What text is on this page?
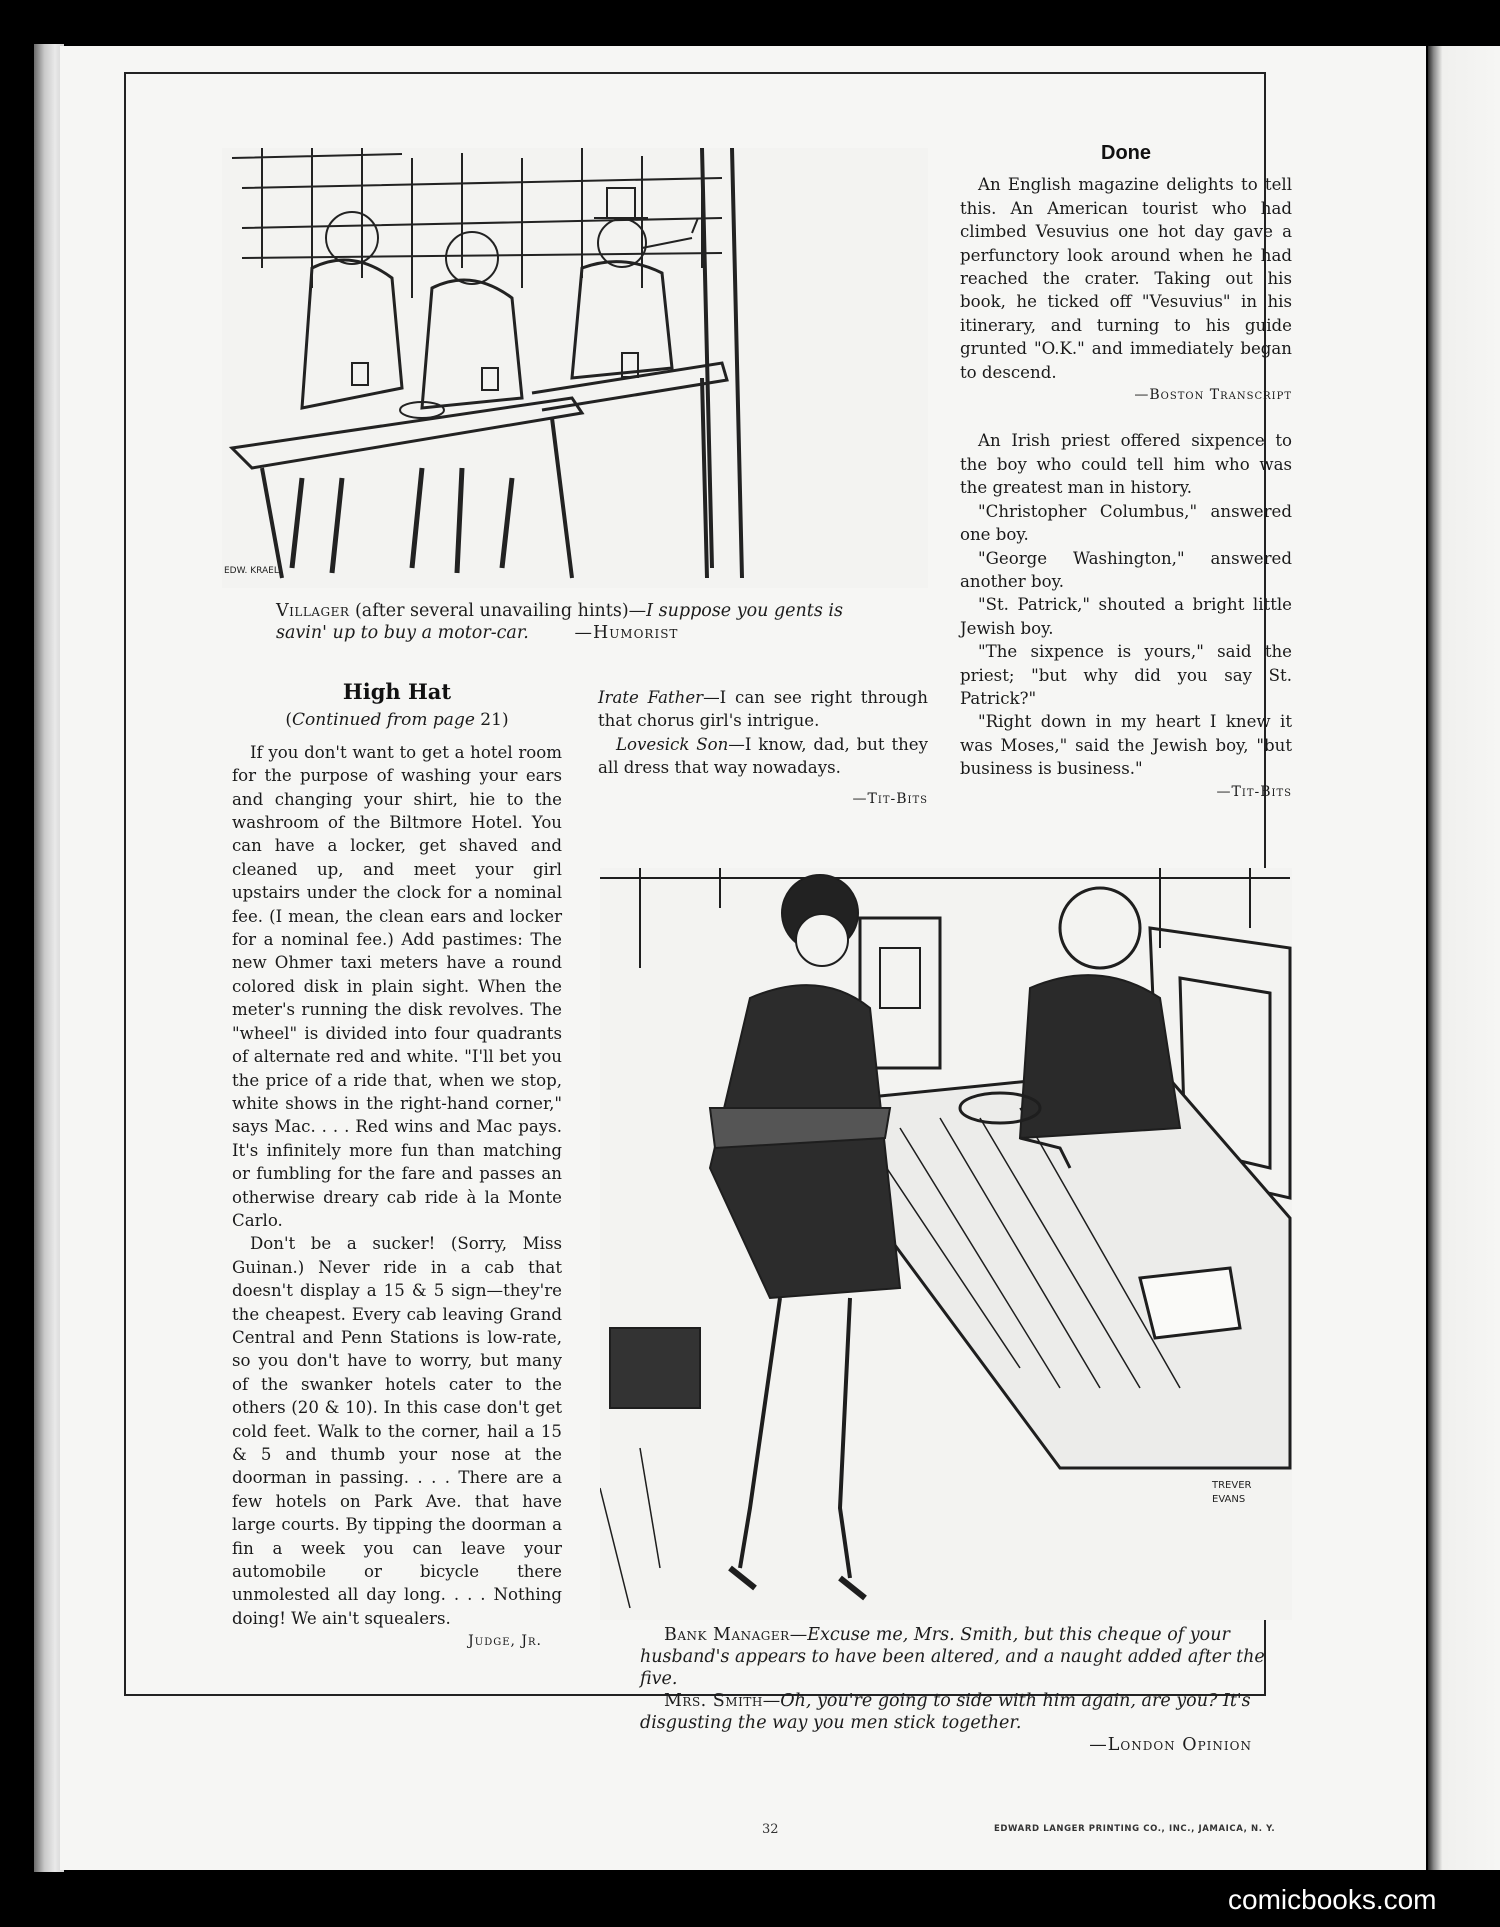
EDW. KRAEL
Villager (after several unavailing hints)—I suppose you gents is savin' up to buy a motor-car.	—Humorist
Done

An English magazine delights to tell this. An American tourist who had climbed Vesuvius one hot day gave a perfunctory look around when he had reached the crater. Taking out his book, he ticked off "Vesuvius" in his itinerary, and turning to his guide grunted "O.K." and immediately began to descend.

—Boston Transcript

An Irish priest offered sixpence to the boy who could tell him who was the greatest man in history.

"Christopher Columbus," answered one boy.

"George Washington," answered another boy.

"St. Patrick," shouted a bright little Jewish boy.

"The sixpence is yours," said the priest; "but why did you say St. Patrick?"

"Right down in my heart I knew it was Moses," said the Jewish boy, "but business is business."

—Tit-Bits

High Hat
(Continued from page 21)

If you don't want to get a hotel room for the purpose of washing your ears and changing your shirt, hie to the washroom of the Biltmore Hotel. You can have a locker, get shaved and cleaned up, and meet your girl upstairs under the clock for a nominal fee. (I mean, the clean ears and locker for a nominal fee.) Add pastimes: The new Ohmer taxi meters have a round colored disk in plain sight. When the meter's running the disk revolves. The "wheel" is divided into four quadrants of alternate red and white. "I'll bet you the price of a ride that, when we stop, white shows in the right-hand corner," says Mac. . . . Red wins and Mac pays. It's infinitely more fun than matching or fumbling for the fare and passes an otherwise dreary cab ride à la Monte Carlo.

Don't be a sucker! (Sorry, Miss Guinan.) Never ride in a cab that doesn't display a 15 & 5 sign—they're the cheapest. Every cab leaving Grand Central and Penn Stations is low-rate, so you don't have to worry, but many of the swanker hotels cater to the others (20 & 10). In this case don't get cold feet. Walk to the corner, hail a 15 & 5 and thumb your nose at the doorman in passing. . . . There are a few hotels on Park Ave. that have large courts. By tipping the doorman a fin a week you can leave your automobile or bicycle there unmolested all day long. . . . Nothing doing! We ain't squealers.

Judge, Jr.

Irate Father—I can see right through that chorus girl's intrigue.

Lovesick Son—I know, dad, but they all dress that way nowadays.

—Tit-Bits

TREVER
EVANS
Bank Manager—Excuse me, Mrs. Smith, but this cheque of your husband's appears to have been altered, and a naught added after the five.
Mrs. Smith—Oh, you're going to side with him again, are you? It's disgusting the way you men stick together.
—London Opinion
32	EDWARD LANGER PRINTING CO., INC., JAMAICA, N. Y.
comicbooks.com
